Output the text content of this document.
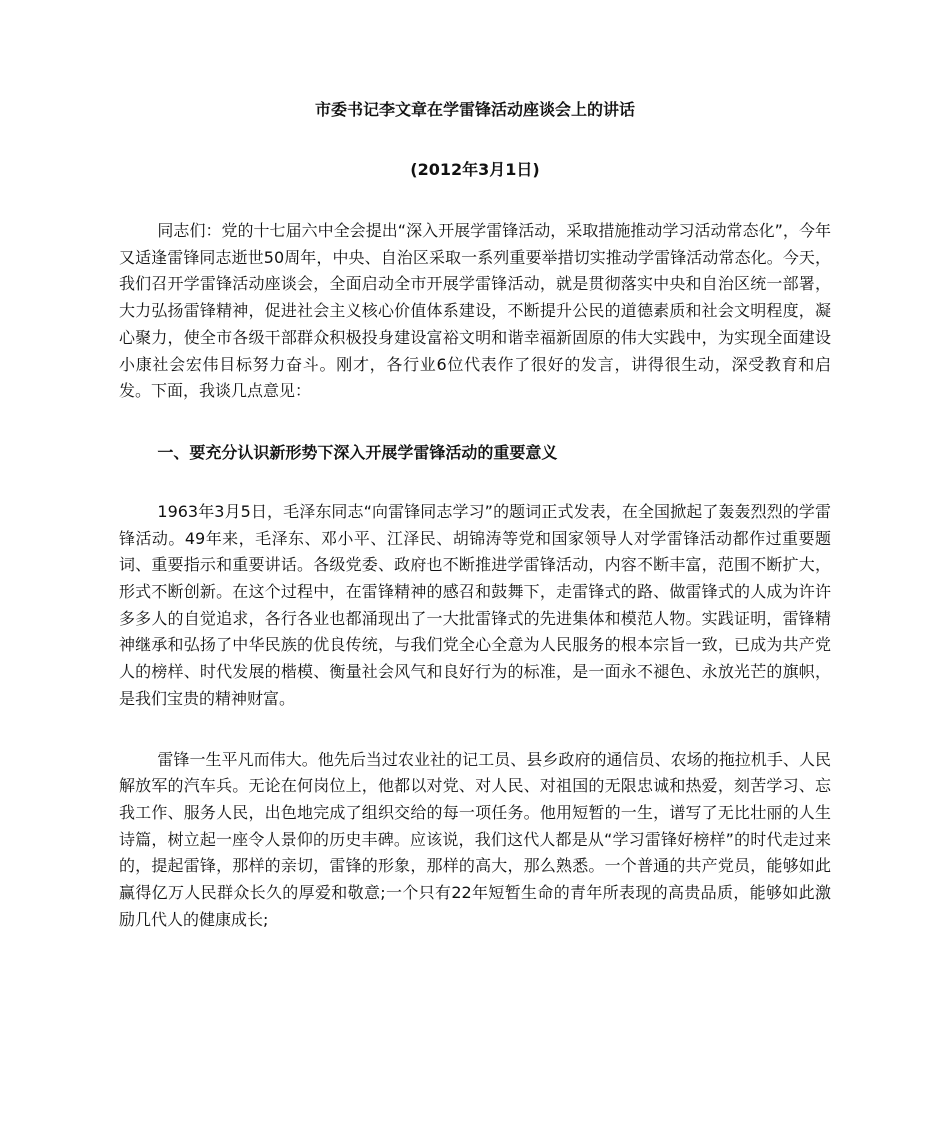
市委书记李文章在学雷锋活动座谈会上的讲话

(2012年3月1日)

同志们：党的十七届六中全会提出“深入开展学雷锋活动，采取措施推动学习活动常态化”，今年又适逢雷锋同志逝世50周年，中央、自治区采取一系列重要举措切实推动学雷锋活动常态化。今天，我们召开学雷锋活动座谈会，全面启动全市开展学雷锋活动，就是贯彻落实中央和自治区统一部署，大力弘扬雷锋精神，促进社会主义核心价值体系建设，不断提升公民的道德素质和社会文明程度，凝心聚力，使全市各级干部群众积极投身建设富裕文明和谐幸福新固原的伟大实践中，为实现全面建设小康社会宏伟目标努力奋斗。刚才，各行业6位代表作了很好的发言，讲得很生动，深受教育和启发。下面，我谈几点意见：

一、要充分认识新形势下深入开展学雷锋活动的重要意义

1963年3月5日，毛泽东同志“向雷锋同志学习”的题词正式发表，在全国掀起了轰轰烈烈的学雷锋活动。49年来，毛泽东、邓小平、江泽民、胡锦涛等党和国家领导人对学雷锋活动都作过重要题词、重要指示和重要讲话。各级党委、政府也不断推进学雷锋活动，内容不断丰富，范围不断扩大，形式不断创新。在这个过程中，在雷锋精神的感召和鼓舞下，走雷锋式的路、做雷锋式的人成为许许多多人的自觉追求，各行各业也都涌现出了一大批雷锋式的先进集体和模范人物。实践证明，雷锋精神继承和弘扬了中华民族的优良传统，与我们党全心全意为人民服务的根本宗旨一致，已成为共产党人的榜样、时代发展的楷模、衡量社会风气和良好行为的标准，是一面永不褪色、永放光芒的旗帜，是我们宝贵的精神财富。

雷锋一生平凡而伟大。他先后当过农业社的记工员、县乡政府的通信员、农场的拖拉机手、人民解放军的汽车兵。无论在何岗位上，他都以对党、对人民、对祖国的无限忠诚和热爱，刻苦学习、忘我工作、服务人民，出色地完成了组织交给的每一项任务。他用短暂的一生，谱写了无比壮丽的人生诗篇，树立起一座令人景仰的历史丰碑。应该说，我们这代人都是从“学习雷锋好榜样”的时代走过来的，提起雷锋，那样的亲切，雷锋的形象，那样的高大，那么熟悉。一个普通的共产党员，能够如此赢得亿万人民群众长久的厚爱和敬意;一个只有22年短暂生命的青年所表现的高贵品质，能够如此激励几代人的健康成长;
